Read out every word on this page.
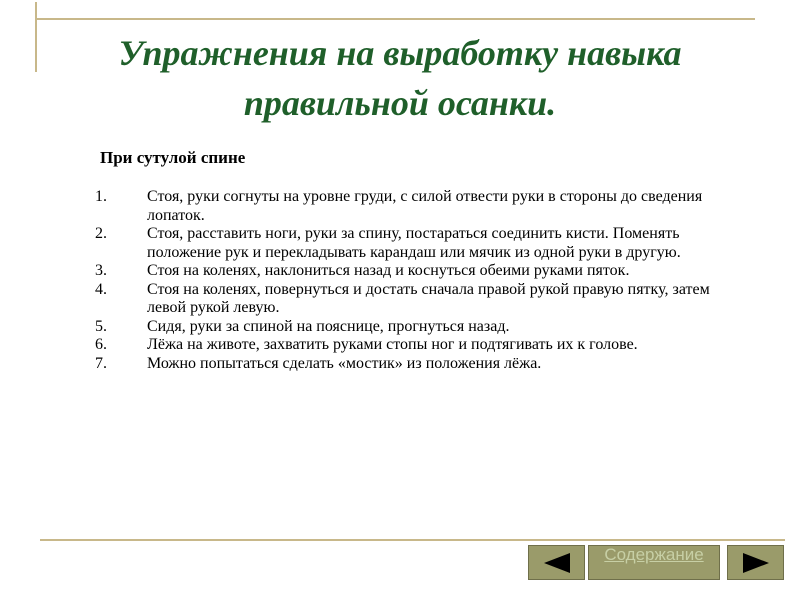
Упражнения на выработку навыка
правильной осанки.
При сутулой спине
1.	Стоя, руки согнуты на уровне груди, с силой отвести руки в стороны до сведения лопаток.
2.	Стоя, расставить ноги, руки за спину, постараться соединить кисти. Поменять положение рук и перекладывать карандаш или мячик из одной руки в другую.
3.	Стоя на коленях, наклониться назад и коснуться обеими руками пяток.
4.	Стоя на коленях, повернуться и достать сначала правой рукой правую пятку, затем левой рукой левую.
5.	Сидя, руки за спиной на пояснице, прогнуться назад.
6.	Лёжа на животе, захватить руками стопы ног и подтягивать их к голове.
7.	Можно попытаться сделать «мостик» из положения лёжа.
Содержание
